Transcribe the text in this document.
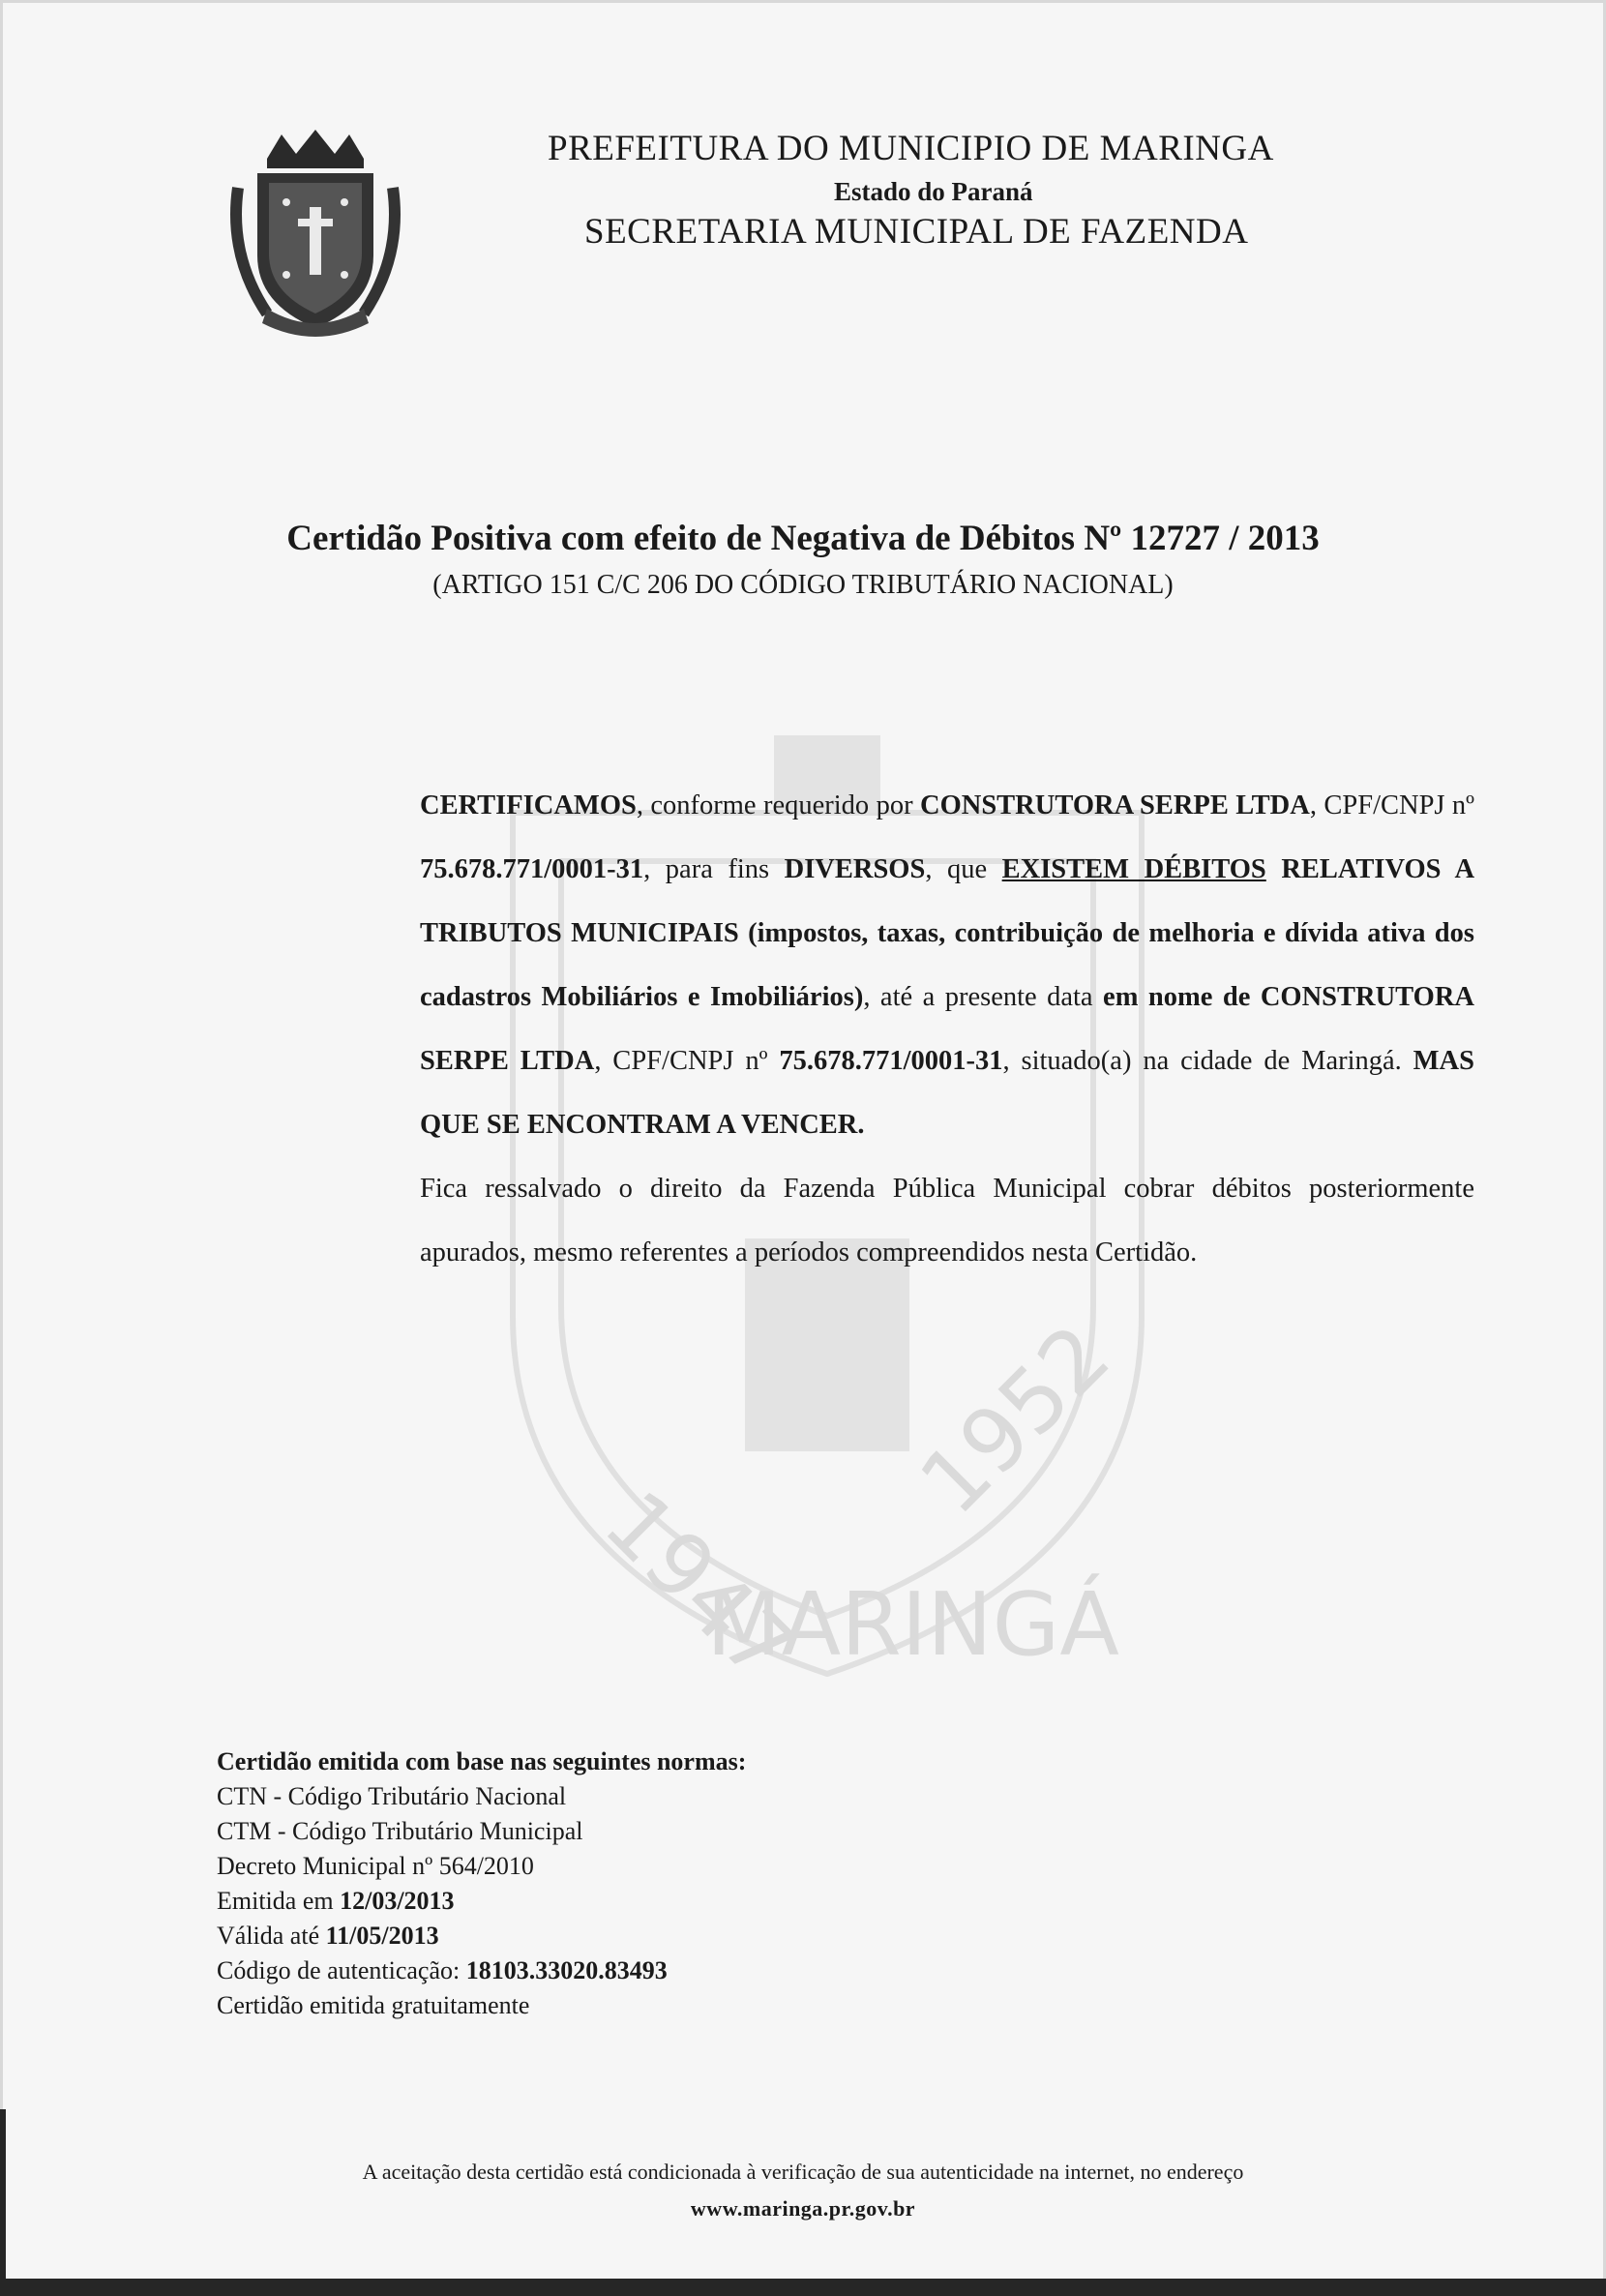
PREFEITURA DO MUNICIPIO DE MARINGA
Estado do Paraná
SECRETARIA MUNICIPAL DE FAZENDA
Certidão Positiva com efeito de Negativa de Débitos Nº 12727 / 2013
(ARTIGO 151 C/C 206 DO CÓDIGO TRIBUTÁRIO NACIONAL)
1947
1952
MARINGÁ

CERTIFICAMOS, conforme requerido por CONSTRUTORA SERPE LTDA, CPF/CNPJ nº 75.678.771/0001-31, para fins DIVERSOS, que EXISTEM DÉBITOS RELATIVOS A TRIBUTOS MUNICIPAIS (impostos, taxas, contribuição de melhoria e dívida ativa dos cadastros Mobiliários e Imobiliários), até a presente data em nome de CONSTRUTORA SERPE LTDA, CPF/CNPJ nº 75.678.771/0001-31, situado(a) na cidade de Maringá. MAS QUE SE ENCONTRAM A VENCER.

Fica ressalvado o direito da Fazenda Pública Municipal cobrar débitos posteriormente apurados, mesmo referentes a períodos compreendidos nesta Certidão.

Certidão emitida com base nas seguintes normas:
CTN - Código Tributário Nacional
CTM - Código Tributário Municipal
Decreto Municipal nº 564/2010
Emitida em 12/03/2013
Válida até 11/05/2013
Código de autenticação: 18103.33020.83493
Certidão emitida gratuitamente
A aceitação desta certidão está condicionada à verificação de sua autenticidade na internet, no endereço
www.maringa.pr.gov.br
